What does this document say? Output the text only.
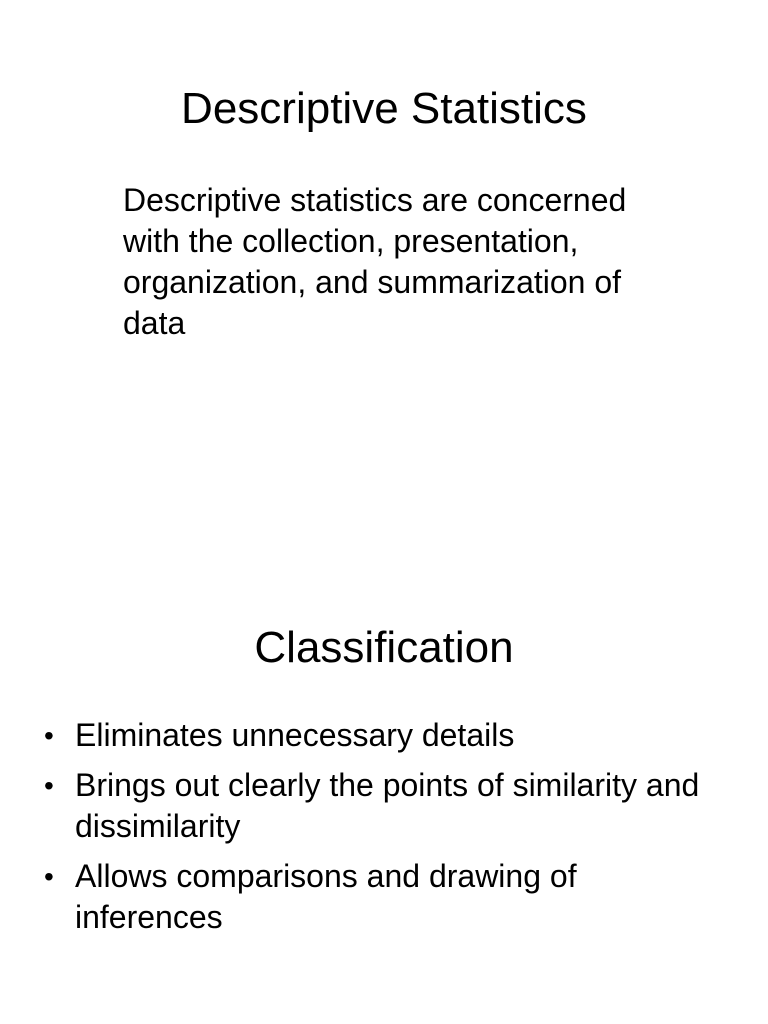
Descriptive Statistics

Descriptive statistics are concerned with the collection, presentation, organization, and summarization of data

Classification
• Eliminates unnecessary details
• Brings out clearly the points of similarity and dissimilarity
• Allows comparisons and drawing of inferences
